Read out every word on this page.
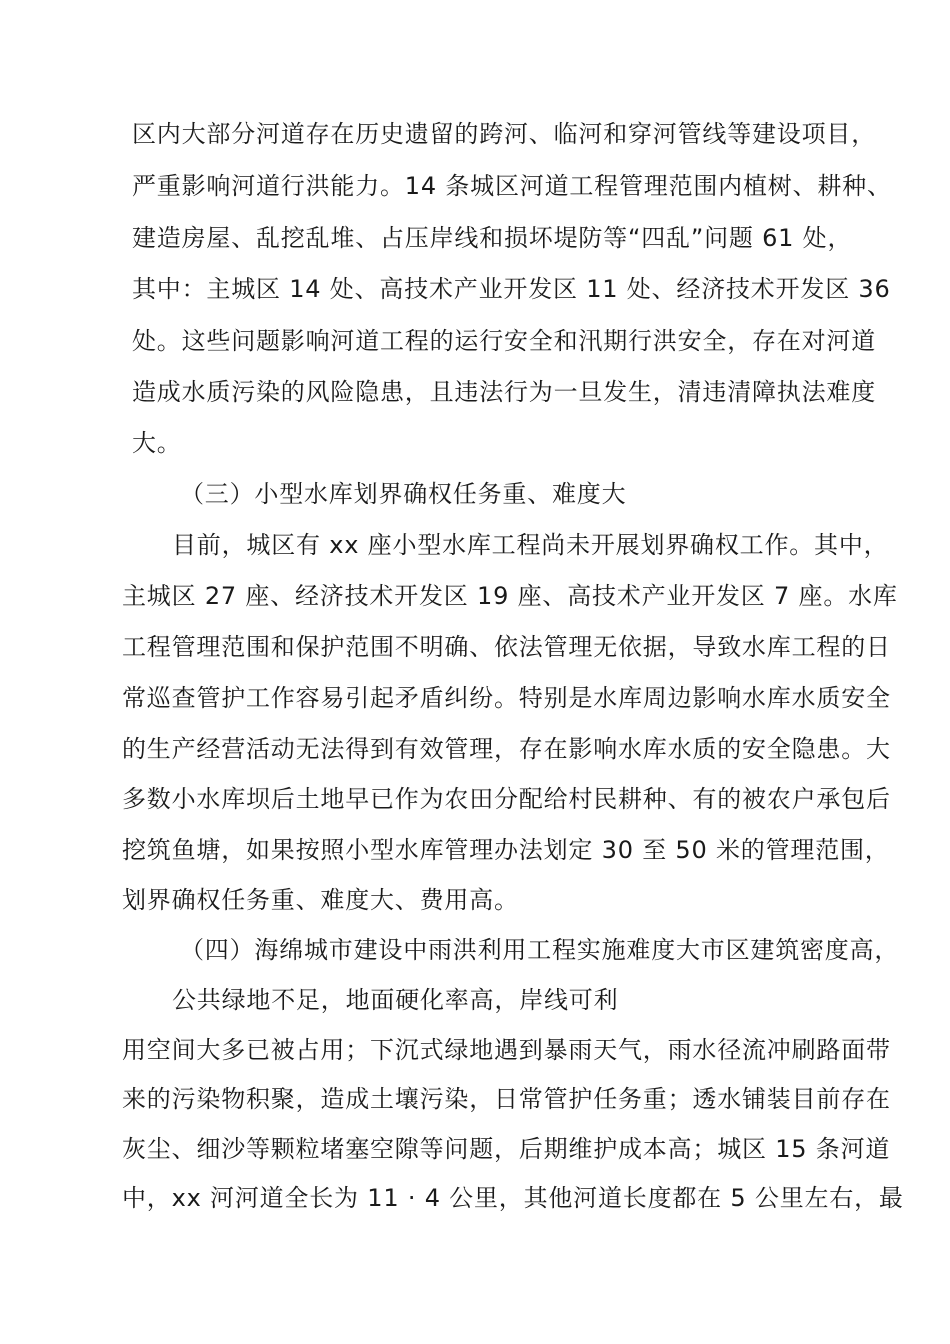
区内大部分河道存在历史遗留的跨河、临河和穿河管线等建设项目，
严重影响河道行洪能力。14 条城区河道工程管理范围内植树、耕种、
建造房屋、乱挖乱堆、占压岸线和损坏堤防等“四乱”问题 61 处，
其中：主城区 14 处、高技术产业开发区 11 处、经济技术开发区 36
处。这些问题影响河道工程的运行安全和汛期行洪安全，存在对河道
造成水质污染的风险隐患，且违法行为一旦发生，清违清障执法难度
大。
（三）小型水库划界确权任务重、难度大
目前，城区有 xx 座小型水库工程尚未开展划界确权工作。其中，
主城区 27 座、经济技术开发区 19 座、高技术产业开发区 7 座。水库
工程管理范围和保护范围不明确、依法管理无依据，导致水库工程的日
常巡查管护工作容易引起矛盾纠纷。特别是水库周边影响水库水质安全
的生产经营活动无法得到有效管理，存在影响水库水质的安全隐患。大
多数小水库坝后土地早已作为农田分配给村民耕种、有的被农户承包后
挖筑鱼塘，如果按照小型水库管理办法划定 30 至 50 米的管理范围，
划界确权任务重、难度大、费用高。
（四）海绵城市建设中雨洪利用工程实施难度大市区建筑密度高，
公共绿地不足，地面硬化率高，岸线可利
用空间大多已被占用；下沉式绿地遇到暴雨天气，雨水径流冲刷路面带
来的污染物积聚，造成土壤污染，日常管护任务重；透水铺装目前存在
灰尘、细沙等颗粒堵塞空隙等问题，后期维护成本高；城区 15 条河道
中，xx 河河道全长为 11 · 4 公里，其他河道长度都在 5 公里左右，最
